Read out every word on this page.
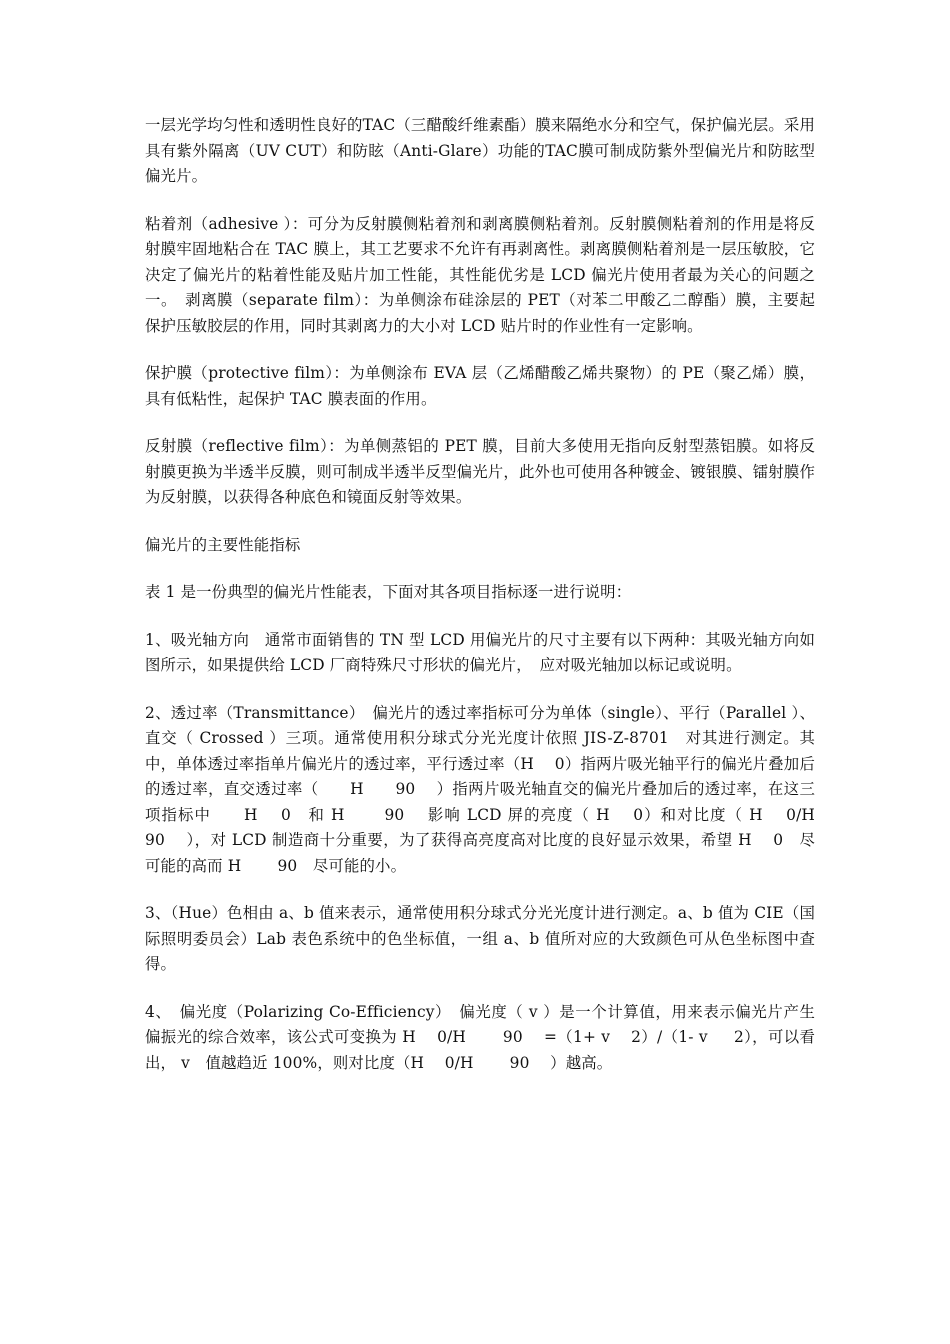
一层光学均匀性和透明性良好的TAC（三醋酸纤维素酯）膜来隔绝水分和空气，保护偏光层。采用具有紫外隔离（UV CUT）和防眩（Anti-Glare）功能的TAC膜可制成防紫外型偏光片和防眩型偏光片。

粘着剂（adhesive ）：可分为反射膜侧粘着剂和剥离膜侧粘着剂。反射膜侧粘着剂的作用是将反射膜牢固地粘合在 TAC 膜上，其工艺要求不允许有再剥离性。剥离膜侧粘着剂是一层压敏胶，它决定了偏光片的粘着性能及贴片加工性能，其性能优劣是 LCD 偏光片使用者最为关心的问题之一。　剥离膜（separate film）：为单侧涂布硅涂层的 PET（对苯二甲酸乙二醇酯）膜，主要起保护压敏胶层的作用，同时其剥离力的大小对 LCD 贴片时的作业性有一定影响。

保护膜（protective film）：为单侧涂布 EVA 层（乙烯醋酸乙烯共聚物）的 PE（聚乙烯）膜，具有低粘性，起保护 TAC 膜表面的作用。

反射膜（reflective film）：为单侧蒸铝的 PET 膜，目前大多使用无指向反射型蒸铝膜。如将反射膜更换为半透半反膜，则可制成半透半反型偏光片，此外也可使用各种镀金、镀银膜、镭射膜作为反射膜，以获得各种底色和镜面反射等效果。

偏光片的主要性能指标

表 1 是一份典型的偏光片性能表，下面对其各项目指标逐一进行说明：

1、吸光轴方向　通常市面销售的 TN 型 LCD 用偏光片的尺寸主要有以下两种：其吸光轴方向如图所示，如果提供给 LCD 厂商特殊尺寸形状的偏光片，　应对吸光轴加以标记或说明。

2、透过率（Transmittance）　偏光片的透过率指标可分为单体（single）、平行（Parallel ）、直交（ Crossed ）三项。通常使用积分球式分光光度计依照 JIS-Z-8701　对其进行测定。其中，单体透过率指单片偏光片的透过率，平行透过率（H　 0）指两片吸光轴平行的偏光片叠加后的透过率，直交透过率（　　H　　90　 ）指两片吸光轴直交的偏光片叠加后的透过率，在这三项指标中　　H　 0　和 H　　 90　 影响 LCD 屏的亮度（ H　 0）和对比度（ H　 0/H　　 90　 ），对 LCD 制造商十分重要，为了获得高亮度高对比度的良好显示效果，希望 H　 0　尽可能的高而 H　　 90　尽可能的小。

3、（Hue）色相由 a、b 值来表示，通常使用积分球式分光光度计进行测定。a、b 值为 CIE（国际照明委员会）Lab 表色系统中的色坐标值，一组 a、b 值所对应的大致颜色可从色坐标图中查得。

4、　偏光度（Polarizing Co-Efficiency）　偏光度（ v ）是一个计算值，用来表示偏光片产生偏振光的综合效率，该公式可变换为 H　 0/H　　 90　 =（1+ v 　2）/（1- v 　 2），可以看出， v　值越趋近 100%，则对比度（H　 0/H　　 90　 ）越高。
